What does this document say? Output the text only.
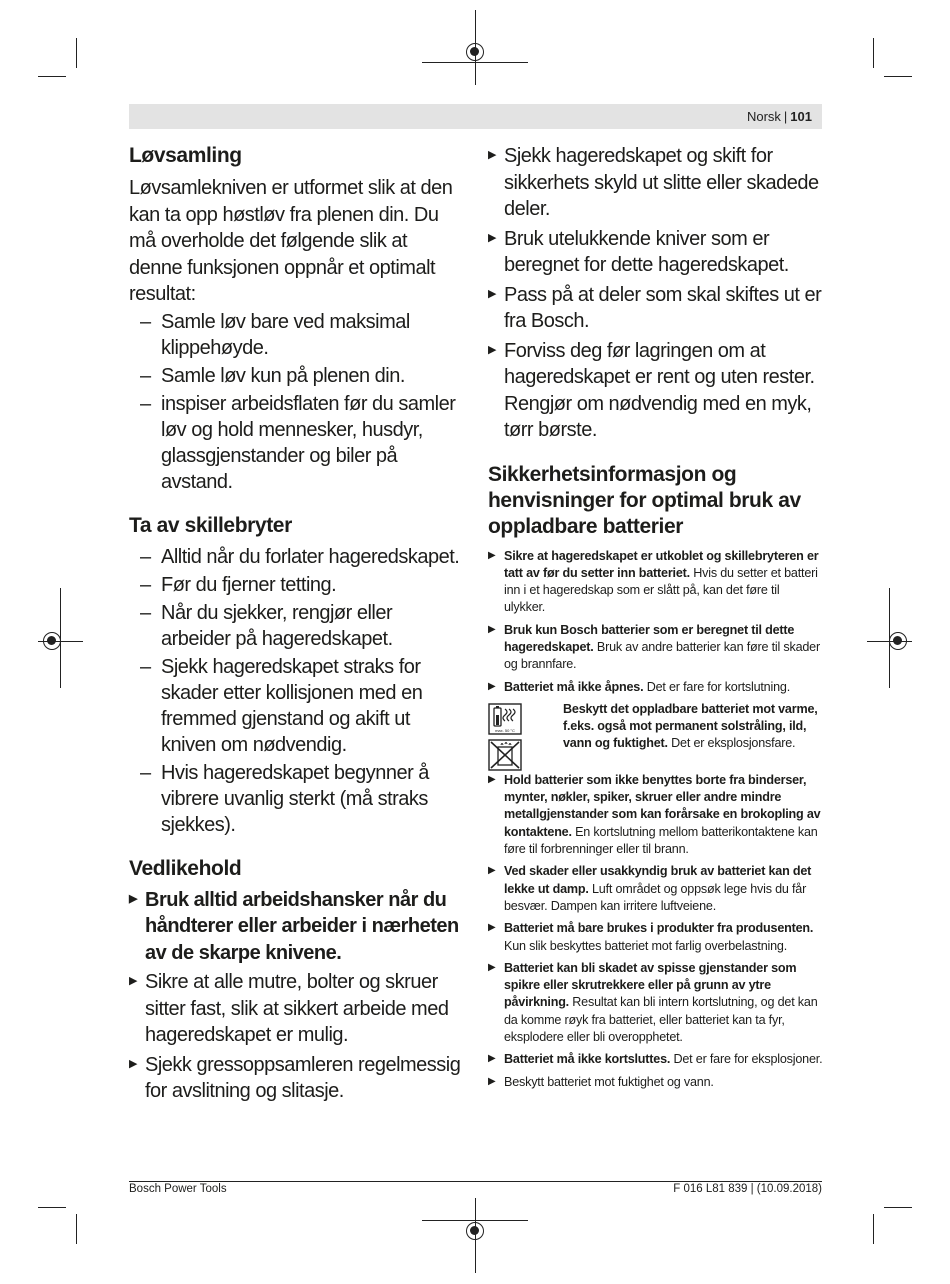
Norsk | 101
Løvsamling

Løvsamlekniven er utformet slik at den kan ta opp høstløv fra plenen din. Du må overholde det følgende slik at denne funksjonen oppnår et optimalt resultat:

– Samle løv bare ved maksimal klippehøyde.
– Samle løv kun på plenen din.
– inspiser arbeidsflaten før du samler løv og hold mennesker, husdyr, glassgjenstander og biler på avstand.
Ta av skillebryter
– Alltid når du forlater hageredskapet.
– Før du fjerner tetting.
– Når du sjekker, rengjør eller arbeider på hageredskapet.
– Sjekk hageredskapet straks for skader etter kollisjonen med en fremmed gjenstand og akift ut kniven om nødvendig.
– Hvis hageredskapet begynner å vibrere uvanlig sterkt (må straks sjekkes).
Vedlikehold
▶ Bruk alltid arbeidshansker når du håndterer eller arbeider i nærheten av de skarpe knivene.
▶ Sikre at alle mutre, bolter og skruer sitter fast, slik at sikkert arbeide med hageredskapet er mulig.
▶ Sjekk gressoppsamleren regelmessig for avslitning og slitasje.
▶ Sjekk hageredskapet og skift for sikkerhets skyld ut slitte eller skadede deler.
▶ Bruk utelukkende kniver som er beregnet for dette hageredskapet.
▶ Pass på at deler som skal skiftes ut er fra Bosch.
▶ Forviss deg før lagringen om at hageredskapet er rent og uten rester. Rengjør om nødvendig med en myk, tørr børste.
Sikkerhetsinformasjon og henvisninger for optimal bruk av oppladbare batterier
▶ Sikre at hageredskapet er utkoblet og skillebryteren er tatt av før du setter inn batteriet. Hvis du setter et batteri inn i et hageredskap som er slått på, kan det føre til ulykker.
▶ Bruk kun Bosch batterier som er beregnet til dette hageredskapet. Bruk av andre batterier kan føre til skader og brannfare.
▶ Batteriet må ikke åpnes. Det er fare for kortslutning.
max. 50 °C
Beskytt det oppladbare batteriet mot varme, f.eks. også mot permanent solstråling, ild, vann og fuktighet. Det er eksplosjonsfare.
▶ Hold batterier som ikke benyttes borte fra binderser, mynter, nøkler, spiker, skruer eller andre mindre metallgjenstander som kan forårsake en brokopling av kontaktene. En kortslutning mellom batterikontaktene kan føre til forbrenninger eller til brann.
▶ Ved skader eller usakkyndig bruk av batteriet kan det lekke ut damp. Luft området og oppsøk lege hvis du får besvær. Dampen kan irritere luftveiene.
▶ Batteriet må bare brukes i produkter fra produsenten. Kun slik beskyttes batteriet mot farlig overbelastning.
▶ Batteriet kan bli skadet av spisse gjenstander som spikre eller skrutrekkere eller på grunn av ytre påvirkning. Resultat kan bli intern kortslutning, og det kan da komme røyk fra batteriet, eller batteriet kan ta fyr, eksplodere eller bli overopphetet.
▶ Batteriet må ikke kortsluttes. Det er fare for eksplosjoner.
▶ Beskytt batteriet mot fuktighet og vann.
Bosch Power Tools	F 016 L81 839 | (10.09.2018)
